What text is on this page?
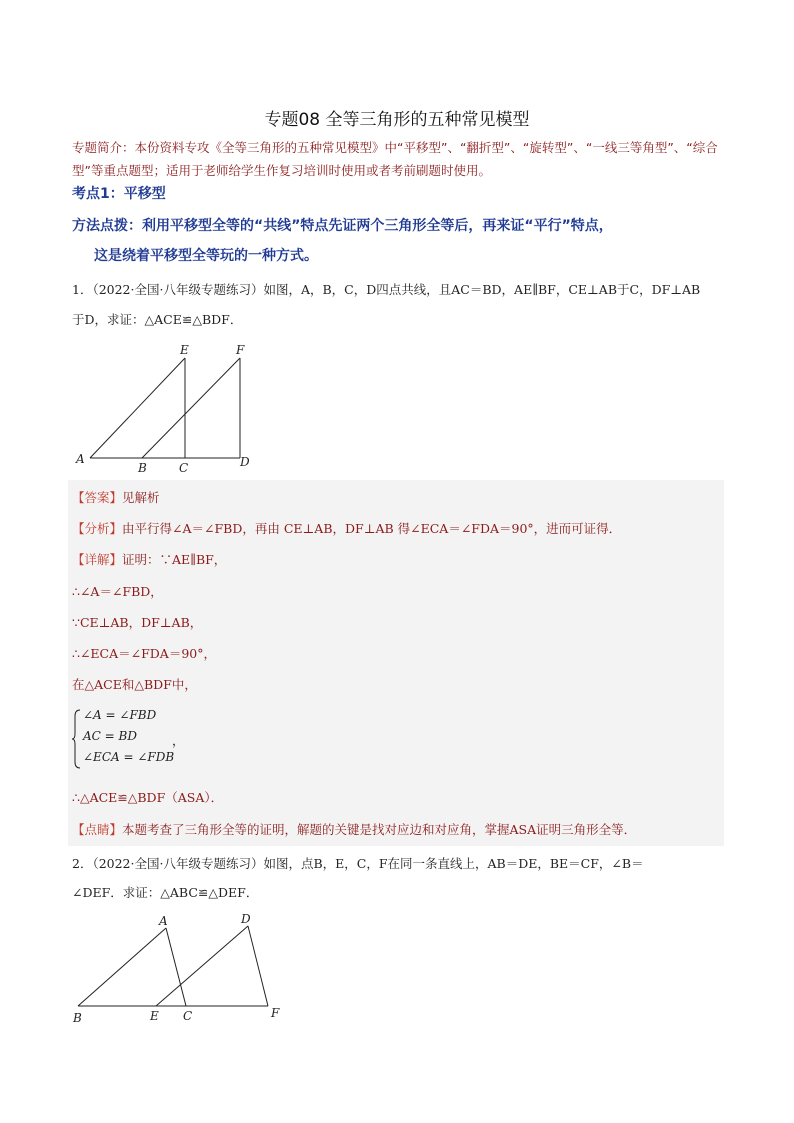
专题08 全等三角形的五种常见模型
专题简介：本份资料专攻《全等三角形的五种常见模型》中“平移型”、“翻折型”、“旋转型”、“一线三等角型”、“综合型”等重点题型；适用于老师给学生作复习培训时使用或者考前刷题时使用。
考点1：平移型
方法点拨：利用平移型全等的“共线”特点先证两个三角形全等后，再来证“平行”特点，
这是绕着平移型全等玩的一种方式。
1．（2022·全国·八年级专题练习）如图，A，B，C，D四点共线，且AC＝BD，AE∥BF，CE⊥AB于C，DF⊥AB
于D，求证：△ACE≌△BDF．
A
B	C	D
E	F
【答案】见解析
【分析】由平行得∠A＝∠FBD，再由 CE⊥AB，DF⊥AB 得∠ECA＝∠FDA＝90°，进而可证得．
【详解】证明：∵AE∥BF，
∴∠A＝∠FBD，
∵CE⊥AB，DF⊥AB，
∴∠ECA＝∠FDA＝90°，
在△ACE和△BDF中，
∠A = ∠FBD
AC = BD
∠ECA = ∠FDB
，
∴△ACE≌△BDF（ASA）．
【点睛】本题考查了三角形全等的证明，解题的关键是找对应边和对应角，掌握ASA证明三角形全等．
2．（2022·全国·八年级专题练习）如图，点B，E，C，F在同一条直线上，AB＝DE，BE＝CF，∠B＝
∠DEF．求证：△ABC≌△DEF．
B	E C	F
A	D
